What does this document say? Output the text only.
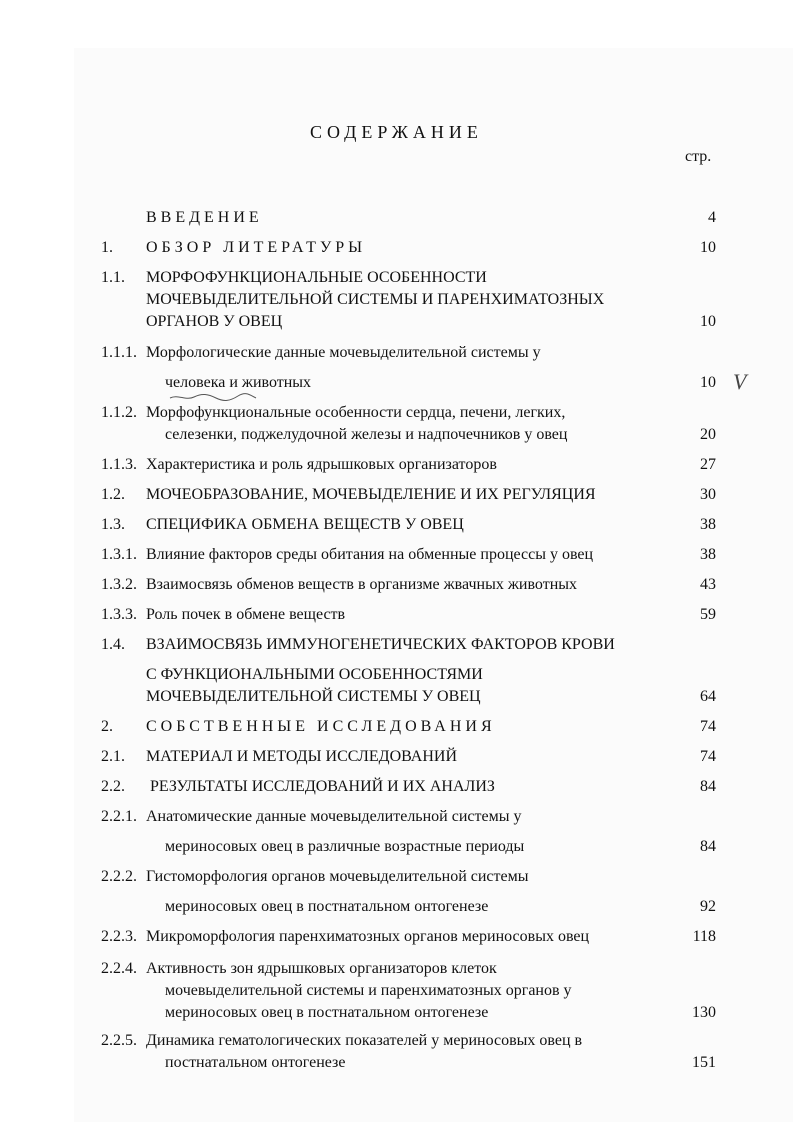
СОДЕРЖАНИЕ
стр.
V
ВВЕДЕНИЕ	4
1. ОБЗОР ЛИТЕРАТУРЫ	10
1.1. МОРФОФУНКЦИОНАЛЬНЫЕ ОСОБЕННОСТИ
МОЧЕВЫДЕЛИТЕЛЬНОЙ СИСТЕМЫ И ПАРЕНХИМАТОЗНЫХ
ОРГАНОВ У ОВЕЦ	10
1.1.1. Морфологические данные мочевыделительной системы у
человека и животных	10
1.1.2. Морфофункциональные особенности сердца, печени, легких,
селезенки, поджелудочной железы и надпочечников у овец	20
1.1.3. Характеристика и роль ядрышковых организаторов	27
1.2. МОЧЕОБРАЗОВАНИЕ, МОЧЕВЫДЕЛЕНИЕ И ИХ РЕГУЛЯЦИЯ	30
1.3. СПЕЦИФИКА ОБМЕНА ВЕЩЕСТВ У ОВЕЦ	38
1.3.1. Влияние факторов среды обитания на обменные процессы у овец	38
1.3.2. Взаимосвязь обменов веществ в организме жвачных животных	43
1.3.3. Роль почек в обмене веществ	59
1.4. ВЗАИМОСВЯЗЬ ИММУНОГЕНЕТИЧЕСКИХ ФАКТОРОВ КРОВИ
С ФУНКЦИОНАЛЬНЫМИ ОСОБЕННОСТЯМИ
МОЧЕВЫДЕЛИТЕЛЬНОЙ СИСТЕМЫ У ОВЕЦ	64
2. СОБСТВЕННЫЕ ИССЛЕДОВАНИЯ	74
2.1. МАТЕРИАЛ И МЕТОДЫ ИССЛЕДОВАНИЙ	74
2.2. РЕЗУЛЬТАТЫ ИССЛЕДОВАНИЙ И ИХ АНАЛИЗ	84
2.2.1. Анатомические данные мочевыделительной системы у
мериносовых овец в различные возрастные периоды	84
2.2.2. Гистоморфология органов мочевыделительной системы
мериносовых овец в постнатальном онтогенезе	92
2.2.3. Микроморфология паренхиматозных органов мериносовых овец	118
2.2.4. Активность зон ядрышковых организаторов клеток
мочевыделительной системы и паренхиматозных органов у
мериносовых овец в постнатальном онтогенезе	130
2.2.5. Динамика гематологических показателей у мериносовых овец в
постнатальном онтогенезе	151
